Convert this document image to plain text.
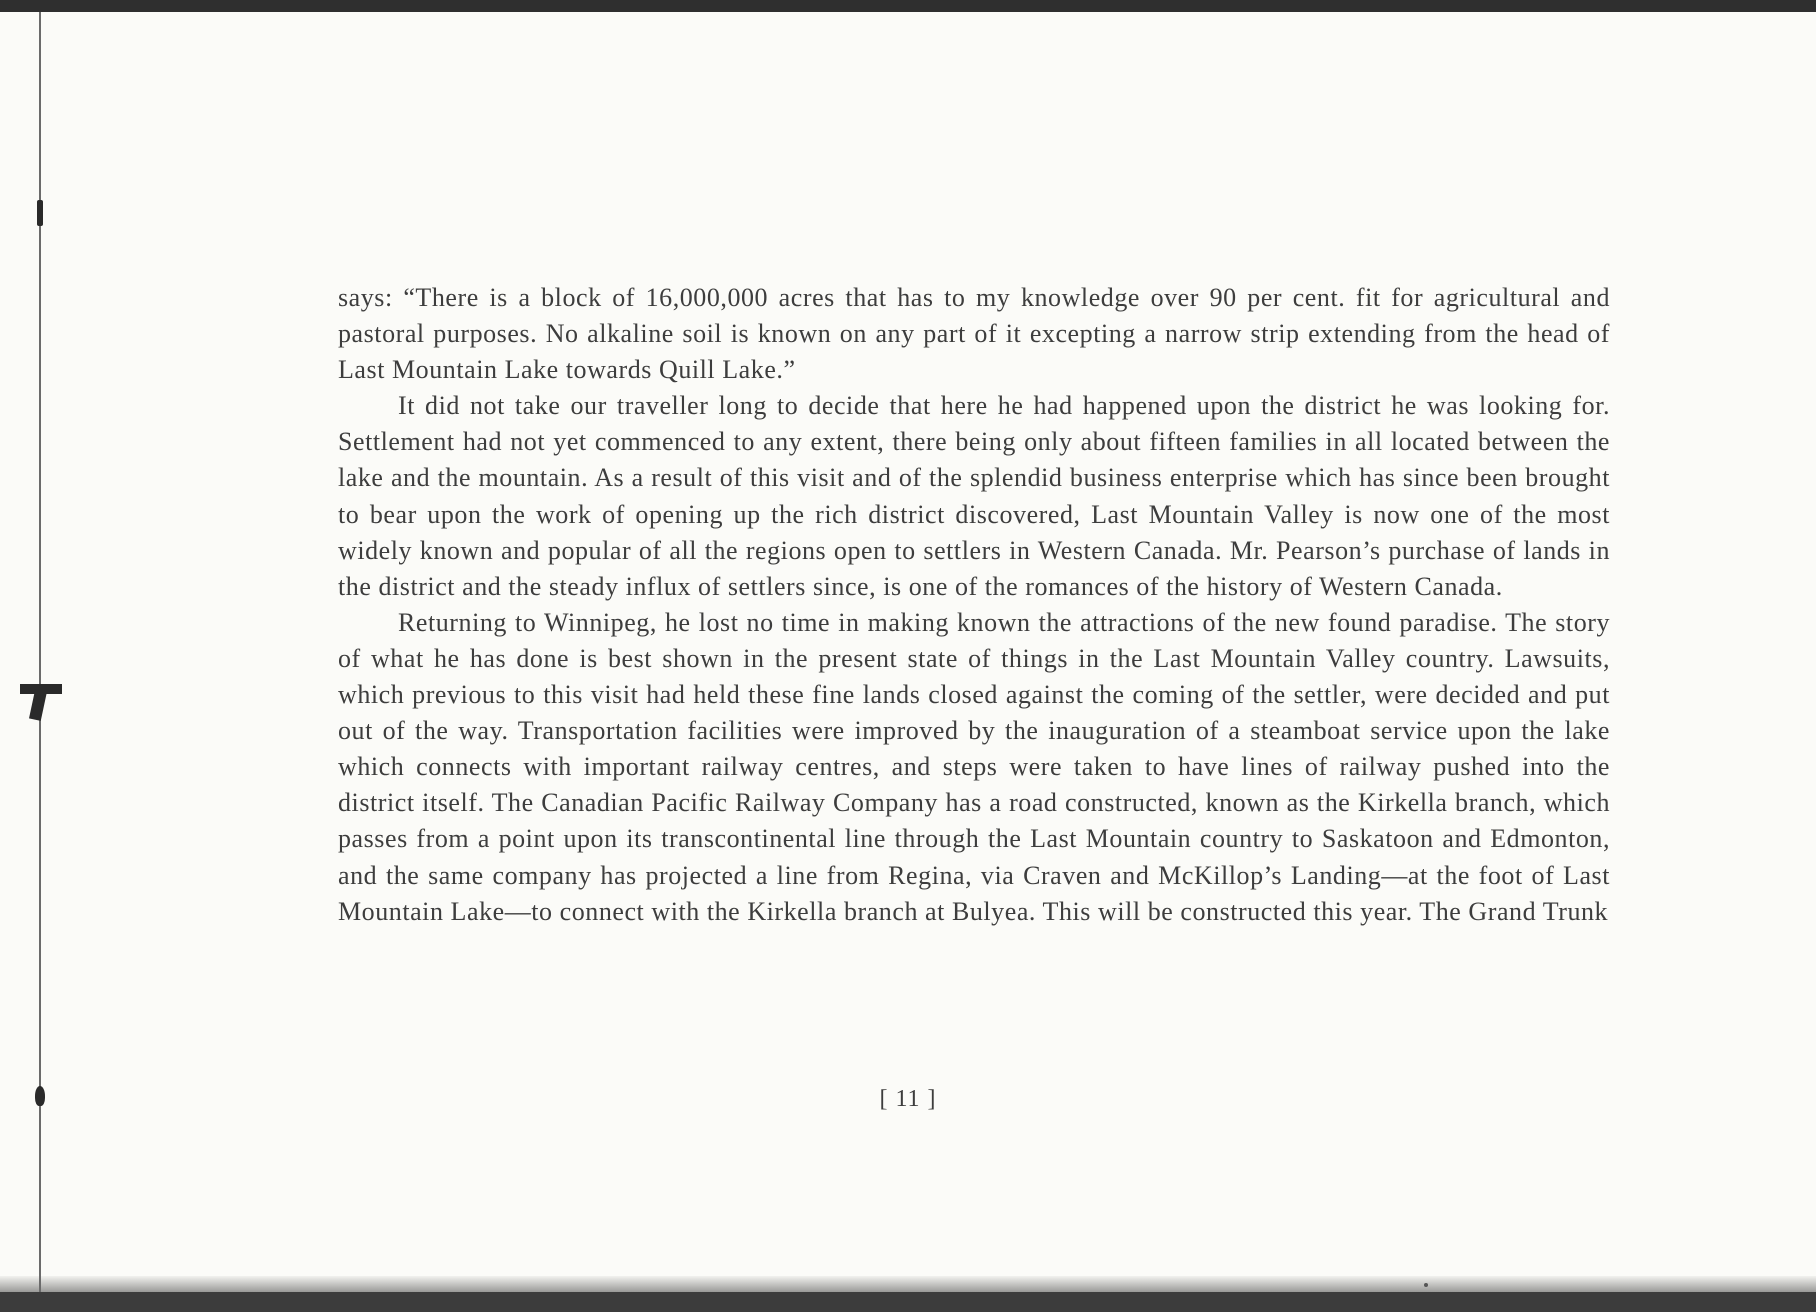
says: “There is a block of 16,000,000 acres that has to my knowledge over 90 per cent. fit for agricultural and pastoral purposes. No alkaline soil is known on any part of it excepting a narrow strip extending from the head of Last Mountain Lake towards Quill Lake.”

It did not take our traveller long to decide that here he had happened upon the district he was looking for. Settlement had not yet commenced to any extent, there being only about fifteen families in all located between the lake and the mountain. As a result of this visit and of the splendid business enterprise which has since been brought to bear upon the work of opening up the rich district discovered, Last Mountain Valley is now one of the most widely known and popular of all the regions open to settlers in Western Canada. Mr. Pearson’s purchase of lands in the district and the steady influx of settlers since, is one of the romances of the history of Western Canada.

Returning to Winnipeg, he lost no time in making known the attractions of the new found paradise. The story of what he has done is best shown in the present state of things in the Last Mountain Valley country. Lawsuits, which previous to this visit had held these fine lands closed against the coming of the settler, were decided and put out of the way. Transportation facilities were improved by the inauguration of a steamboat service upon the lake which connects with important railway centres, and steps were taken to have lines of railway pushed into the district itself. The Canadian Pacific Railway Company has a road constructed, known as the Kirkella branch, which passes from a point upon its transcontinental line through the Last Mountain country to Saskatoon and Edmonton, and the same company has projected a line from Regina, via Craven and McKillop’s Landing—at the foot of Last Mountain Lake—to connect with the Kirkella branch at Bulyea. This will be constructed this year. The Grand Trunk

[ 11 ]
